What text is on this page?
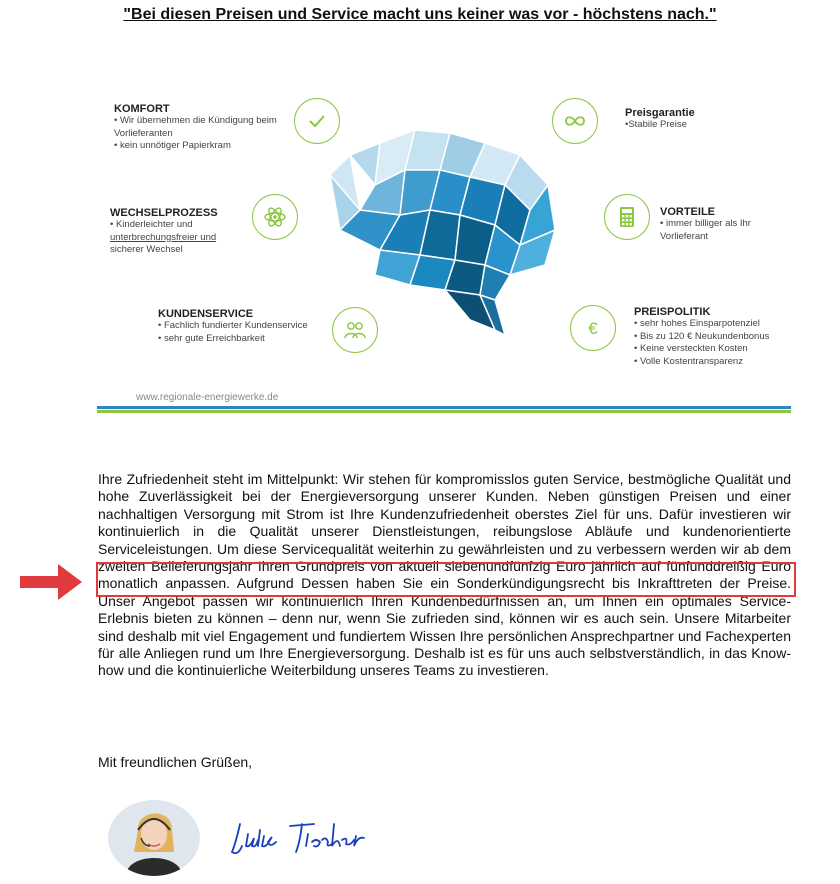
"Bei diesen Preisen und Service macht uns keiner was vor - höchstens nach."
€
KOMFORT
• Wir übernehmen die Kündigung beim
Vorlieferanten
• kein unnötiger Papierkram
WECHSELPROZESS
• Kinderleichter und
unterbrechungsfreier und
sicherer Wechsel
KUNDENSERVICE
• Fachlich fundierter Kundenservice
• sehr gute Erreichbarkeit
Preisgarantie
•Stabile Preise
VORTEILE
• immer billiger als Ihr
Vorlieferant
PREISPOLITIK
• sehr hohes Einsparpotenziel
• Bis zu 120 € Neukundenbonus
• Keine versteckten Kosten
• Volle Kostentransparenz
www.regionale-energiewerke.de
Ihre Zufriedenheit steht im Mittelpunkt: Wir stehen für kompromisslos guten Service, bestmögliche Qualität und hohe Zuverlässigkeit bei der Energieversorgung unserer Kunden. Neben günstigen Preisen und einer nachhaltigen Versorgung mit Strom ist Ihre Kundenzufriedenheit oberstes Ziel für uns. Dafür investieren wir kontinuierlich in die Qualität unserer Dienstleistungen, reibungslose Abläufe und kundenorientierte Serviceleistungen. Um diese Servicequalität weiterhin zu gewährleisten und zu verbessern werden wir ab dem zweiten Belieferungsjahr Ihren Grundpreis von aktuell siebenundfünfzig Euro jährlich auf fünfunddreißig Euro monatlich anpassen. Aufgrund Dessen haben Sie ein Sonderkündigungsrecht bis Inkrafttreten der Preise. Unser Angebot passen wir kontinuierlich Ihren Kundenbedürfnissen an, um Ihnen ein optimales Service-Erlebnis bieten zu können – denn nur, wenn Sie zufrieden sind, können wir es auch sein. Unsere Mitarbeiter sind deshalb mit viel Engagement und fundiertem Wissen Ihre persönlichen Ansprechpartner und Fachexperten für alle Anliegen rund um Ihre Energieversorgung. Deshalb ist es für uns auch selbstverständlich, in das Know-how und die kontinuierliche Weiterbildung unseres Teams zu investieren.
Mit freundlichen Grüßen,
